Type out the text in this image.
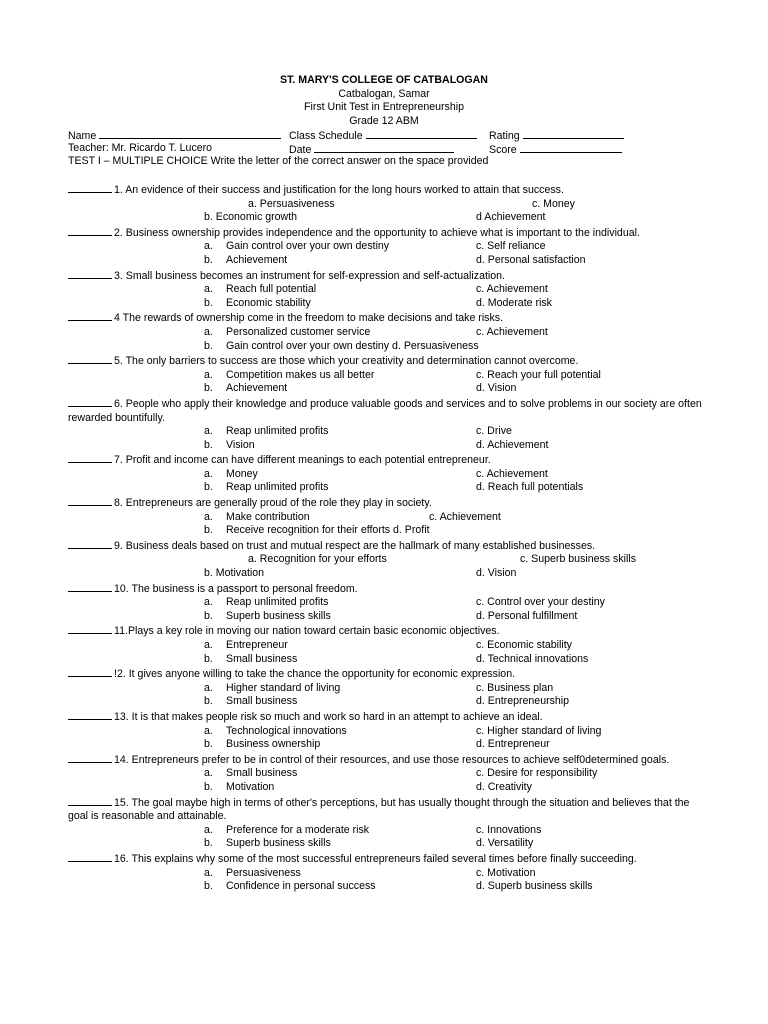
ST. MARY'S COLLEGE OF CATBALOGAN
Catbalogan, Samar
First Unit Test in Entrepreneurship
Grade 12 ABM
Name	Class Schedule	Rating
Teacher: Mr. Ricardo T. Lucero	Date	Score
TEST I – MULTIPLE CHOICE Write the letter of the correct answer on the space provided
1. An evidence of their success and justification for the long hours worked to attain that success.
a. Persuasiveness	c. Money
b. Economic growth	d Achievement
2. Business ownership provides independence and the opportunity to achieve what is important to the individual.
a. Gain control over your own destiny	c. Self reliance
b. Achievement	d. Personal satisfaction
3. Small business becomes an instrument for self-expression and self-actualization.
a. Reach full potential	c. Achievement
b. Economic stability	d. Moderate risk
4 The rewards of ownership come in the freedom to make decisions and take risks.
a. Personalized customer service	c. Achievement
b. Gain control over your own destiny d. Persuasiveness
5. The only barriers to success are those which your creativity and determination cannot overcome.
a. Competition makes us all better	c. Reach your full potential
b. Achievement	d. Vision
6. People who apply their knowledge and produce valuable goods and services and to solve problems in our society are often rewarded bountifully.
a. Reap unlimited profits	c. Drive
b. Vision	d. Achievement
7. Profit and income can have different meanings to each potential entrepreneur.
a. Money	c. Achievement
b. Reap unlimited profits	d. Reach full potentials
8. Entrepreneurs are generally proud of the role they play in society.
a. Make contribution	c. Achievement
b. Receive recognition for their efforts d. Profit
9. Business deals based on trust and mutual respect are the hallmark of many established businesses.
a. Recognition for your efforts	c. Superb business skills
b. Motivation	d. Vision
10. The business is a passport to personal freedom.
a. Reap unlimited profits	c. Control over your destiny
b. Superb business skills	d. Personal fulfillment
11.Plays a key role in moving our nation toward certain basic economic objectives.
a. Entrepreneur	c. Economic stability
b. Small business	d. Technical innovations
!2. It gives anyone willing to take the chance the opportunity for economic expression.
a. Higher standard of living	c. Business plan
b. Small business	d. Entrepreneurship
13. It is that makes people risk so much and work so hard in an attempt to achieve an ideal.
a. Technological innovations	c. Higher standard of living
b. Business ownership	d. Entrepreneur
14. Entrepreneurs prefer to be in control of their resources, and use those resources to achieve self0determined goals.
a. Small business	c. Desire for responsibility
b. Motivation	d. Creativity
15. The goal maybe high in terms of other's perceptions, but has usually thought through the situation and believes that the goal is reasonable and attainable.
a. Preference for a moderate risk	c. Innovations
b. Superb business skills	d. Versatility
16. This explains why some of the most successful entrepreneurs failed several times before finally succeeding.
a. Persuasiveness	c. Motivation
b. Confidence in personal success	d. Superb business skills
